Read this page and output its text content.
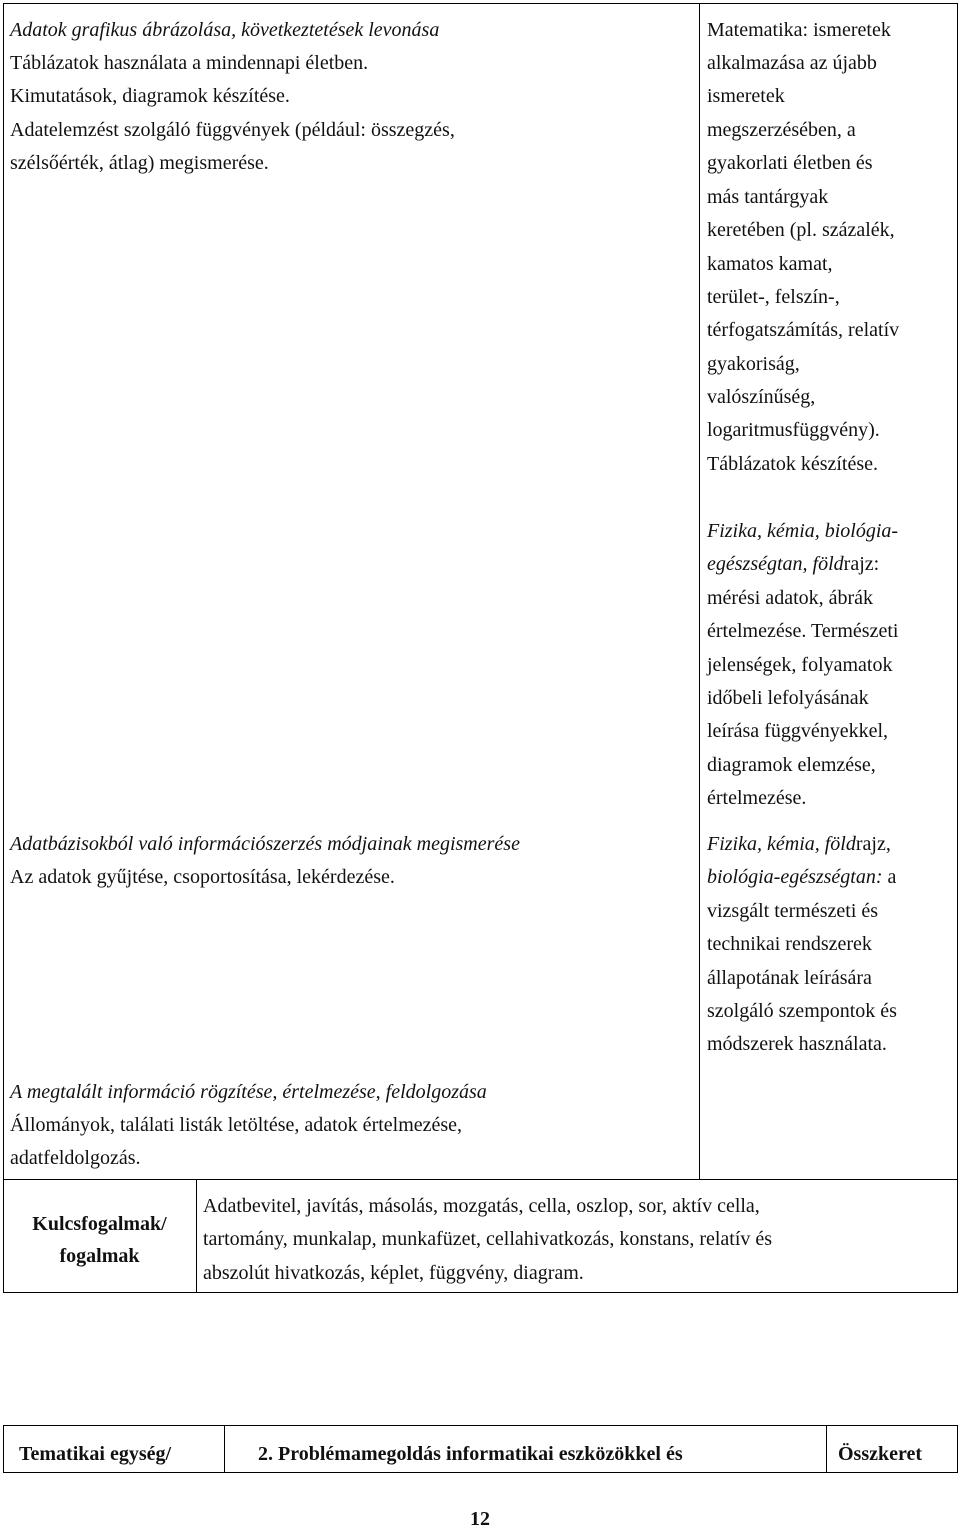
Adatok grafikus ábrázolása, következtetések levonása
Táblázatok használata a mindennapi életben.
Kimutatások, diagramok készítése.
Adatelemzést szolgáló függvények (például: összegzés,
szélsőérték, átlag) megismerése.
Adatbázisokból való információszerzés módjainak megismerése
Az adatok gyűjtése, csoportosítása, lekérdezése.
A megtalált információ rögzítése, értelmezése, feldolgozása
Állományok, találati listák letöltése, adatok értelmezése,
adatfeldolgozás.
Matematika: ismeretek
alkalmazása az újabb
ismeretek
megszerzésében, a
gyakorlati életben és
más tantárgyak
keretében (pl. százalék,
kamatos kamat,
terület-, felszín-,
térfogatszámítás, relatív
gyakoriság,
valószínűség,
logaritmusfüggvény).
Táblázatok készítése.
Fizika, kémia, biológia-
egészségtan, földrajz:
mérési adatok, ábrák
értelmezése. Természeti
jelenségek, folyamatok
időbeli lefolyásának
leírása függvényekkel,
diagramok elemzése,
értelmezése.
Fizika, kémia, földrajz,
biológia-egészségtan: a
vizsgált természeti és
technikai rendszerek
állapotának leírására
szolgáló szempontok és
módszerek használata.
Kulcsfogalmak/
fogalmak
Adatbevitel, javítás, másolás, mozgatás, cella, oszlop, sor, aktív cella,
tartomány, munkalap, munkafüzet, cellahivatkozás, konstans, relatív és
abszolút hivatkozás, képlet, függvény, diagram.
Tematikai egység/	2. Problémamegoldás informatikai eszközökkel és	Összkeret
12
